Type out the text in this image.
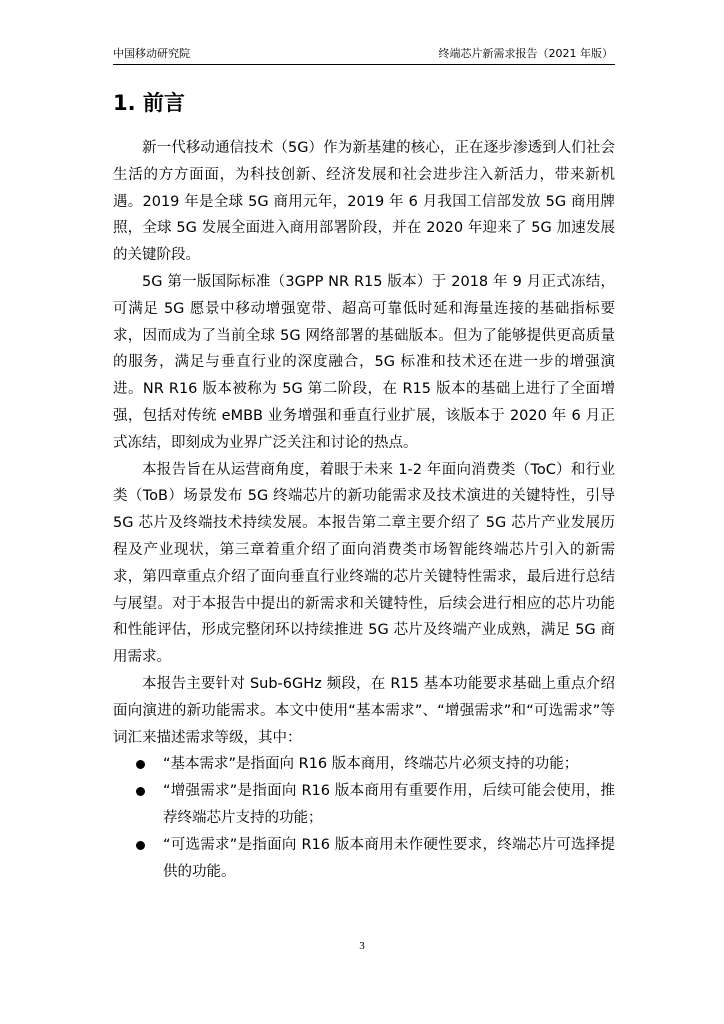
中国移动研究院	终端芯片新需求报告（2021 年版）
1. 前言

新一代移动通信技术（5G）作为新基建的核心，正在逐步渗透到人们社会生活的方方面面，为科技创新、经济发展和社会进步注入新活力，带来新机遇。2019 年是全球 5G 商用元年，2019 年 6 月我国工信部发放 5G 商用牌照，全球 5G 发展全面进入商用部署阶段，并在 2020 年迎来了 5G 加速发展的关键阶段。

5G 第一版国际标准（3GPP NR R15 版本）于 2018 年 9 月正式冻结，可满足 5G 愿景中移动增强宽带、超高可靠低时延和海量连接的基础指标要求，因而成为了当前全球 5G 网络部署的基础版本。但为了能够提供更高质量的服务，满足与垂直行业的深度融合，5G 标准和技术还在进一步的增强演进。NR R16 版本被称为 5G 第二阶段，在 R15 版本的基础上进行了全面增强，包括对传统 eMBB 业务增强和垂直行业扩展，该版本于 2020 年 6 月正式冻结，即刻成为业界广泛关注和讨论的热点。

本报告旨在从运营商角度，着眼于未来 1-2 年面向消费类（ToC）和行业类（ToB）场景发布 5G 终端芯片的新功能需求及技术演进的关键特性，引导 5G 芯片及终端技术持续发展。本报告第二章主要介绍了 5G 芯片产业发展历程及产业现状，第三章着重介绍了面向消费类市场智能终端芯片引入的新需求，第四章重点介绍了面向垂直行业终端的芯片关键特性需求，最后进行总结与展望。对于本报告中提出的新需求和关键特性，后续会进行相应的芯片功能和性能评估，形成完整闭环以持续推进 5G 芯片及终端产业成熟，满足 5G 商用需求。

本报告主要针对 Sub-6GHz 频段，在 R15 基本功能要求基础上重点介绍面向演进的新功能需求。本文中使用“基本需求”、“增强需求”和“可选需求”等词汇来描述需求等级，其中：

“基本需求”是指面向 R16 版本商用，终端芯片必须支持的功能；
“增强需求”是指面向 R16 版本商用有重要作用，后续可能会使用，推荐终端芯片支持的功能；
“可选需求”是指面向 R16 版本商用未作硬性要求，终端芯片可选择提供的功能。
3
